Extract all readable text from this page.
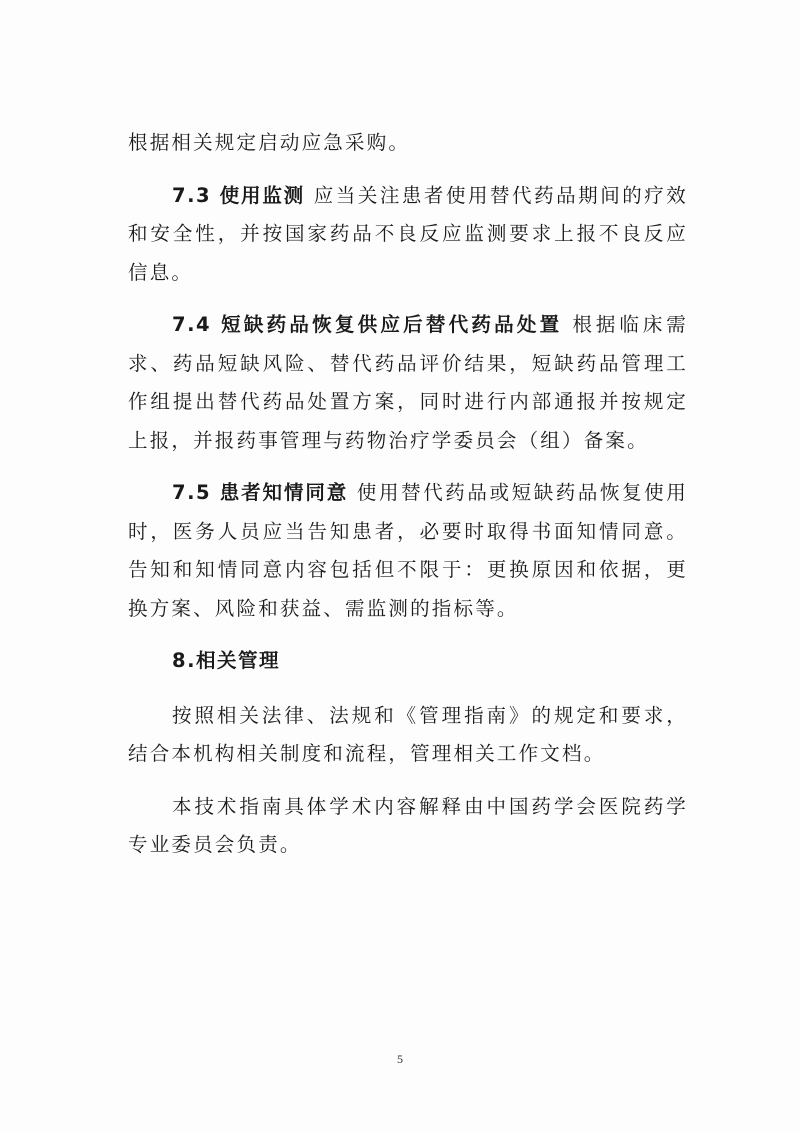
根据相关规定启动应急采购。

7.3 使用监测 应当关注患者使用替代药品期间的疗效和安全性，并按国家药品不良反应监测要求上报不良反应信息。

7.4 短缺药品恢复供应后替代药品处置 根据临床需求、药品短缺风险、替代药品评价结果，短缺药品管理工作组提出替代药品处置方案，同时进行内部通报并按规定上报，并报药事管理与药物治疗学委员会（组）备案。

7.5 患者知情同意 使用替代药品或短缺药品恢复使用时，医务人员应当告知患者，必要时取得书面知情同意。告知和知情同意内容包括但不限于：更换原因和依据，更换方案、风险和获益、需监测的指标等。

8.相关管理

按照相关法律、法规和《管理指南》的规定和要求，结合本机构相关制度和流程，管理相关工作文档。

本技术指南具体学术内容解释由中国药学会医院药学专业委员会负责。

5
